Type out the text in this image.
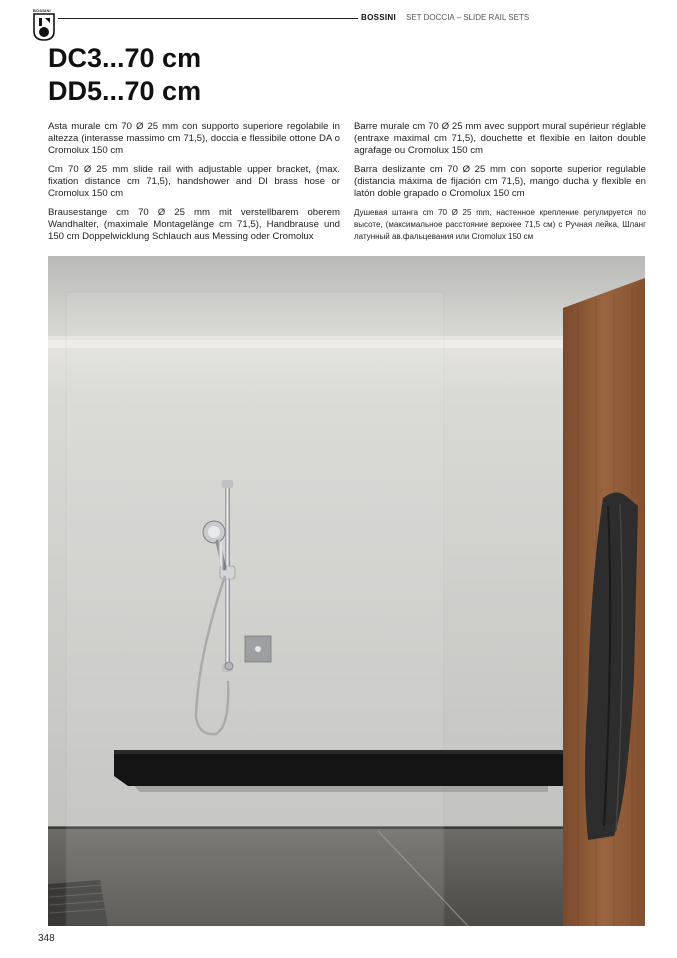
BOSSINI
BOSSINI SET DOCCIA – SLIDE RAIL SETS
DC3...70 cm
DD5...70 cm

Asta murale cm 70 Ø 25 mm con supporto superiore regolabile in altezza (interasse massimo cm 71,5), doccia e flessibile ottone DA o Cromolux 150 cm

Cm 70 Ø 25 mm slide rail with adjustable upper bracket, (max. fixation distance cm 71,5), handshower and DI brass hose or Cromolux 150 cm

Brausestange cm 70 Ø 25 mm mit verstellbarem oberem Wandhalter, (maximale Montagelänge cm 71,5), Handbrause und 150 cm Doppelwicklung Schlauch aus Messing oder Cromolux

Barre murale cm 70 Ø 25 mm avec support mural supérieur réglable (entraxe maximal cm 71,5), douchette et flexible en laiton double agrafage ou Cromolux 150 cm

Barra deslizante cm 70 Ø 25 mm con soporte superior regulable (distancia máxima de fijación cm 71,5), mango ducha y flexible en latón doble grapado o Cromolux 150 cm

Душевая штанга cm 70 Ø 25 mm, настенное крепление регулируется по высоте, (максимальное расстояние верхнее 71,5 см) с Ручная лейка, Шланг латунный ав.фальцевания или Cromolux 150 см

348
